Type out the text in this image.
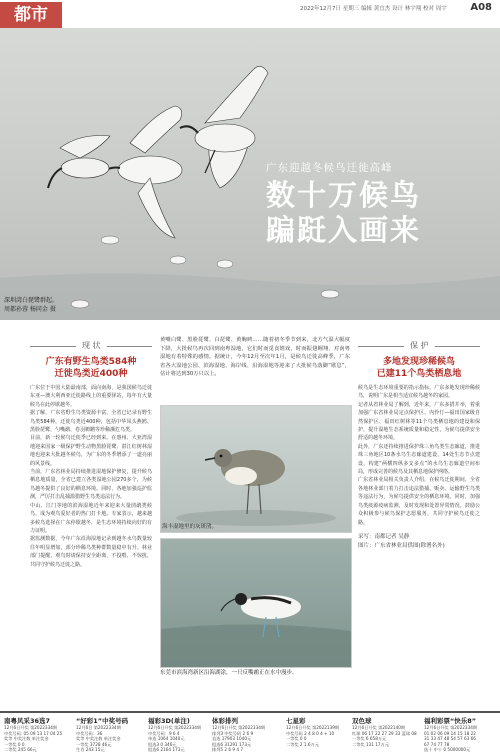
都市	2022年12月7日 星期三 编辑 黄宜杰 设计 林宇翔 校对 周宇 A08
广东迎越冬候鸟迁徙高峰
数十万候鸟
蹁跹入画来
深圳湾白琵鹭群起。
周都孙蓉 杨同金 摄
现 状
广东有野生鸟类584种
迁徙鸟类近400种
广东位于中国大陆最南部，面向南海，是我国候鸟迁徙东亚—澳大利西亚迁徙路线上的重要驿站，每年有大量候鸟在此停歇越冬。
据了解，广东省野生鸟类资源丰富，全省已记录有野生鸟类584种，迁徙鸟类近400种，包括中华凤头燕鸥、黑脸琵鹭、勺嘴鹬、卷羽鹈鹕等珍稀濒危鸟类。
目前，新一轮候鸟迁徙季已经到来。在惠州、大亚湾湿地迎来国家一级保护野生动物黑脸琵鹭、湛江红树林湿地也迎来大批越冬候鸟，为广东的冬季增添了一道亮丽的风景线。
当前，广东省林业局持续推进湿地保护修复，提升候鸟栖息地质量，全省已建立各类湿地公园270多个，为候鸟越冬提供了良好的栖息环境。同时，各地加强巡护监测，严厉打击乱捕滥猎野生鸟类违法行为。
中山、江门等地的滨海湿地近年来迎来大量鸻鹬类候鸟，成为观鸟爱好者的热门打卡地。专家表示，越来越多候鸟选择在广东停歇越冬，是生态环境持续向好的有力证明。
据监测数据，今年广东沿海湿地记录到越冬水鸟数量较往年明显增加，部分珍稀鸟类种群数量稳中有升。林业部门提醒，观鸟时请保持安全距离，不投喂、不惊扰，共同守护候鸟迁徙之路。
黄嘴白鹭、黑脸琵鹭、白琵鹭、黄胸鹀……随着初冬季节到来，北方气温大幅度下降，大批候鸟再次回到南粤湿地，它们时而觅食嬉戏，时而振翅翱翔，对南粤湿地有着特殊的感情。据统计，今年12月至次年1月，是候鸟迁徙高峰季，广东省各大湿地公园、滨海湿地、海岸线、沿海湿地等迎来了大批候鸟落脚“歇息”，估计将达到30万只以上。
海丰湿地里的灰斑鸻。
东莞市滨海湾新区沿海湖涂，一只反嘴鹬正在水中漫步。
保 护
多地发现珍稀候鸟
已建11个鸟类栖息地
候鸟是生态环境重要的指示指标，广东多地发现珍稀候鸟，说明广东是相当适宜候鸟越冬的家园。
记者从省林业局了解到，近年来，广东多措并举，着重加强广东省林业局定点保护区、内伶仃—福田国家级自然保护区、福田红树林等11个鸟类栖息地的建设和保护，提升湿地生态系统质量和稳定性，为候鸟提供安全舒适的越冬环境。
此外，广东还持续推进保护珠三角鸟类生态廊道，推进珠三角地区10条水鸟生态廊道建设，14处生态节点建设，构建“两横四纵多支多点”的水鸟生态廊道空间布局，形成完善的候鸟及其栖息地保护网络。
广东省林业局相关负责人介绍，在候鸟迁徙期间，全省各地林业部门着力打击违法猎捕、贩卖、运输野生鸟类等违法行为，为候鸟提供安全的栖息环境。同时，加强鸟类疫源疫病监测，及时发现和处置异常情况。鼓励公众积极参与候鸟保护志愿服务，共同守护候鸟迁徙之路。
采写：南都记者 吴静
图片：广东省林业局供图(除署名外)
南粤风采36选7
12月6日开奖 第2022334期
中奖号码: 05 09 13 17 04 25
奖等 中奖注数 单注奖金
一等奖 0 0
二等奖 245 66元
“好彩1”中奖号码
12月6日 第2022334期
中奖号码：36
奖等 中奖注数 单注奖金
一等奖 3728 46元
生肖 243 15元
福彩3D(单注)
12月6日开奖 第2022334期
中奖号码：9 6 4
单选 1064 1040元
组选3 0 346元
组选6 2164 173元
体彩排列
12月6日开奖 第2022334期
排列3 中奖号码 2 6 9
直选 17903 1040元
组选6 31291 173元
排列5 2 6 9 4 7
七星彩
12月6日开奖 第2022139期
中奖号码 2 4 8 0 4 + 10
一等奖 0 0
二等奖 2 1.6万元
双色球
12月6日开奖 第2022140期
红球 06 17 22 27 29 33 蓝球 08
一等奖 6 658万元
二等奖 131 17万元
福利彩票“快乐8”
12月6日开奖 第2022334期
01 02 06 09 14 15 18 22
31 33 47 48 54 57 63 66
67 74 77 78
选十 中十 0 5000000元
